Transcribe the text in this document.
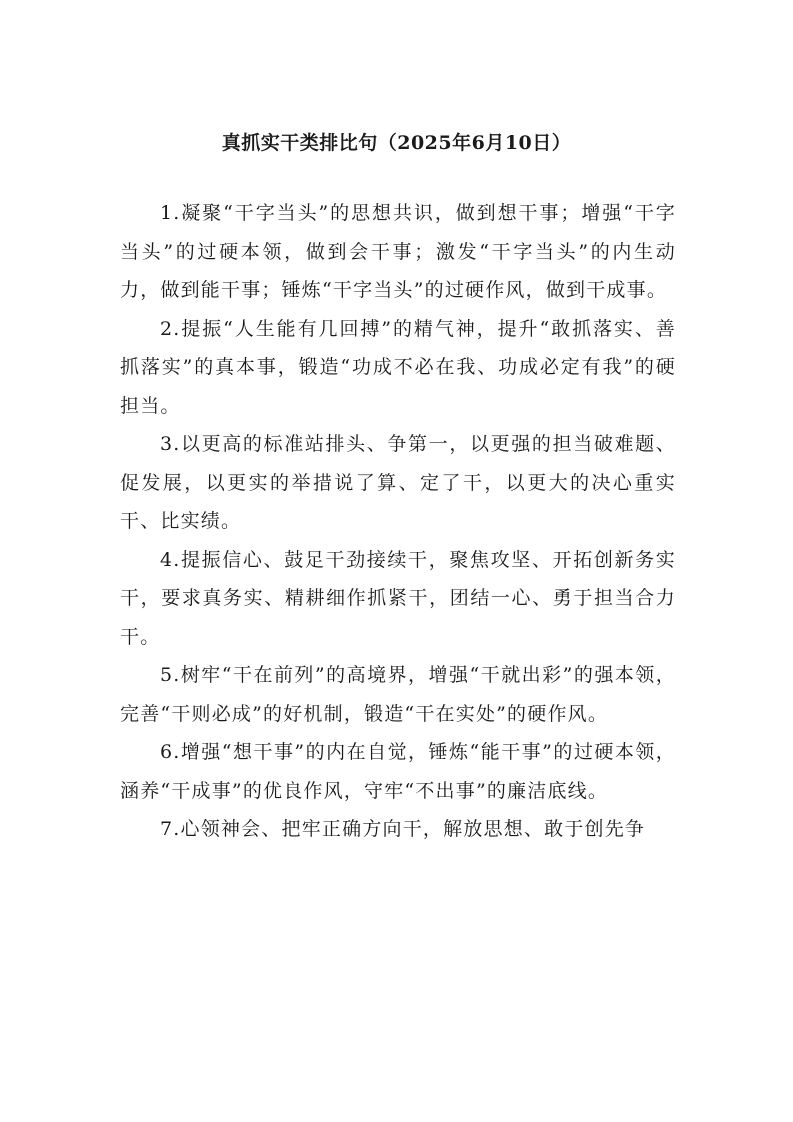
真抓实干类排比句（2025年6月10日）

1.凝聚“干字当头”的思想共识，做到想干事；增强“干字当头”的过硬本领，做到会干事；激发“干字当头”的内生动力，做到能干事；锤炼“干字当头”的过硬作风，做到干成事。

2.提振“人生能有几回搏”的精气神，提升“敢抓落实、善抓落实”的真本事，锻造“功成不必在我、功成必定有我”的硬担当。

3.以更高的标准站排头、争第一，以更强的担当破难题、促发展，以更实的举措说了算、定了干，以更大的决心重实干、比实绩。

4.提振信心、鼓足干劲接续干，聚焦攻坚、开拓创新务实干，要求真务实、精耕细作抓紧干，团结一心、勇于担当合力干。

5.树牢“干在前列”的高境界，增强“干就出彩”的强本领，完善“干则必成”的好机制，锻造“干在实处”的硬作风。

6.增强“想干事”的内在自觉，锤炼“能干事”的过硬本领，涵养“干成事”的优良作风，守牢“不出事”的廉洁底线。

7.心领神会、把牢正确方向干，解放思想、敢于创先争
